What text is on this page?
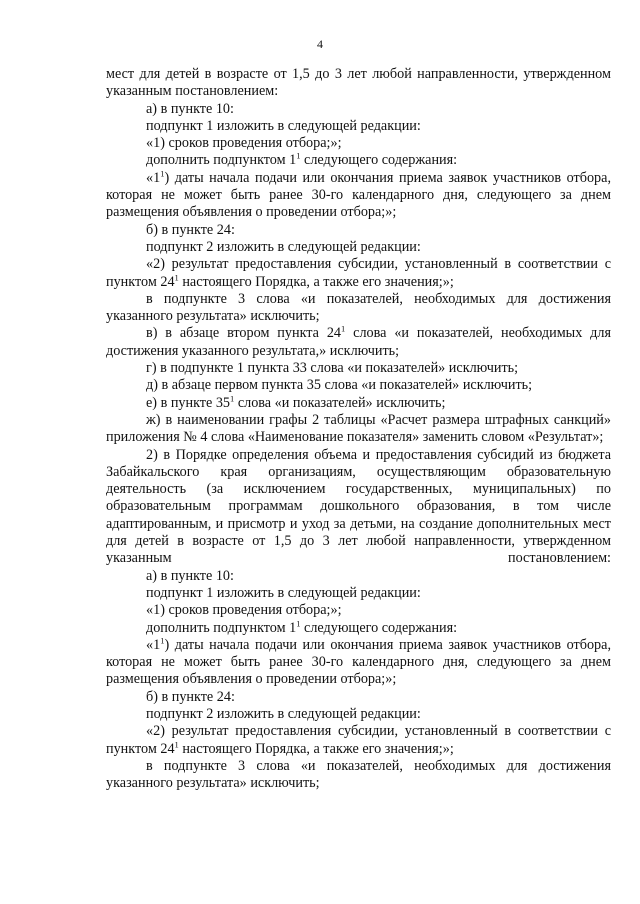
4

мест для детей в возрасте от 1,5 до 3 лет любой направленности, утвержденном указанным постановлением:

а) в пункте 10:

подпункт 1 изложить в следующей редакции:

«1) сроков проведения отбора;»;

дополнить подпунктом $1^1$ следующего содержания:

«$1^1$) даты начала подачи или окончания приема заявок участников отбора, которая не может быть ранее 30-го календарного дня, следующего за днем размещения объявления о проведении отбора;»;

б) в пункте 24:

подпункт 2 изложить в следующей редакции:

«2) результат предоставления субсидии, установленный в соответствии с пунктом $24^1$ настоящего Порядка, а также его значения;»;

в подпункте 3 слова «и показателей, необходимых для достижения указанного результата» исключить;

в) в абзаце втором пункта $24^1$ слова «и показателей, необходимых для достижения указанного результата,» исключить;

г) в подпункте 1 пункта 33 слова «и показателей» исключить;

д) в абзаце первом пункта 35 слова «и показателей» исключить;

е) в пункте $35^1$ слова «и показателей» исключить;

ж) в наименовании графы 2 таблицы «Расчет размера штрафных санкций» приложения № 4 слова «Наименование показателя» заменить словом «Результат»;

2) в Порядке определения объема и предоставления субсидий из бюджета Забайкальского края организациям, осуществляющим образовательную деятельность (за исключением государственных, муниципальных) по образовательным программам дошкольного образования, в том числе адаптированным, и присмотр и уход за детьми, на создание дополнительных мест для детей в возрасте от 1,5 до 3 лет любой направленности, утвержденном указанным постановлением:

а) в пункте 10:

подпункт 1 изложить в следующей редакции:

«1) сроков проведения отбора;»;

дополнить подпунктом $1^1$ следующего содержания:

«$1^1$) даты начала подачи или окончания приема заявок участников отбора, которая не может быть ранее 30-го календарного дня, следующего за днем размещения объявления о проведении отбора;»;

б) в пункте 24:

подпункт 2 изложить в следующей редакции:

«2) результат предоставления субсидии, установленный в соответствии с пунктом $24^1$ настоящего Порядка, а также его значения;»;

в подпункте 3 слова «и показателей, необходимых для достижения указанного результата» исключить;
